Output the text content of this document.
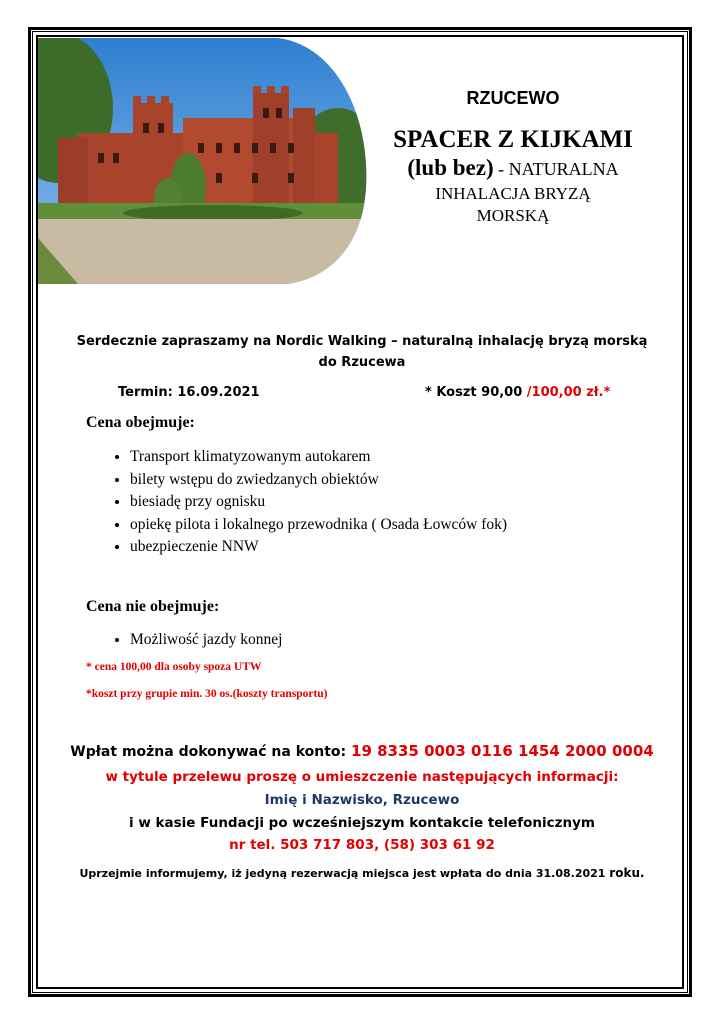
RZUCEWO
SPACER Z KIJKAMI
(lub bez) - NATURALNA
INHALACJA BRYZĄ
MORSKĄ
Serdecznie zapraszamy na Nordic Walking – naturalną inhalację bryzą morską
do Rzucewa
Termin: 16.09.2021	* Koszt 90,00 /100,00 zł.*
Cena obejmuje:
• Transport klimatyzowanym autokarem
• bilety wstępu do zwiedzanych obiektów
• biesiadę przy ognisku
• opiekę pilota i lokalnego przewodnika ( Osada Łowców fok)
• ubezpieczenie NNW
Cena nie obejmuje:
• Możliwość jazdy konnej
* cena 100,00 dla osoby spoza UTW
*koszt przy grupie min. 30 os.(koszty transportu)
Wpłat można dokonywać na konto: 19 8335 0003 0116 1454 2000 0004
w tytule przelewu proszę o umieszczenie następujących informacji:
Imię i Nazwisko, Rzucewo
i w kasie Fundacji po wcześniejszym kontakcie telefonicznym
nr tel. 503 717 803, (58) 303 61 92
Uprzejmie informujemy, iż jedyną rezerwacją miejsca jest wpłata do dnia 31.08.2021 roku.
